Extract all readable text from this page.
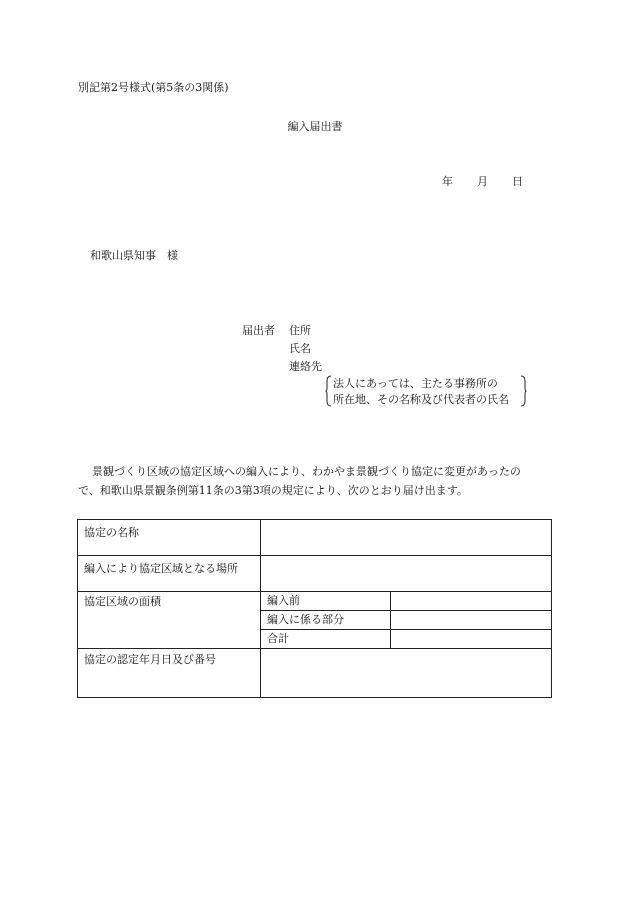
別記第2号様式(第5条の3関係)
編入届出書
年 月 日
和歌山県知事　様
届出者 住所
氏名
連絡先
法人にあっては、主たる事務所の
所在地、その名称及び代表者の氏名
景観づくり区域の協定区域への編入により、わかやま景観づくり協定に変更があったの
で、和歌山県景観条例第11条の3第3項の規定により、次のとおり届け出ます。
協定の名称		
編入により協定区域となる場所		
協定区域の面積	編入前	
	編入に係る部分	
	合計	
協定の認定年月日及び番号		
